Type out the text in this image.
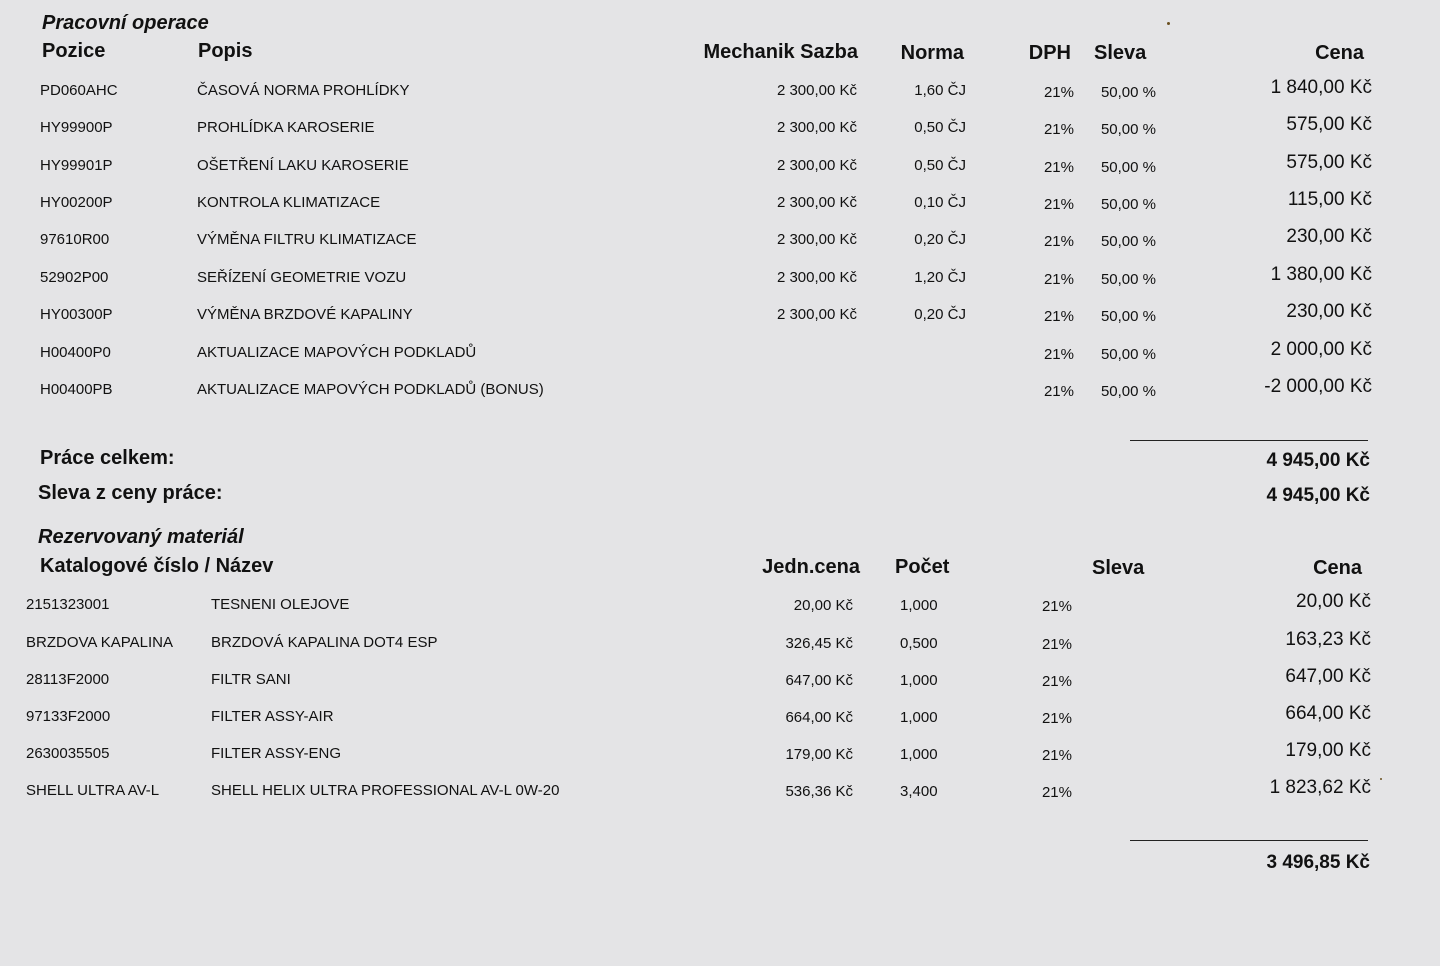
Pracovní operace
Pozice	Popis	Mechanik Sazba Norma	DPH Sleva	Cena
PD060AHC	ČASOVÁ NORMA PROHLÍDKY	2 300,00 Kč	1,60 ČJ	21% 50,00 %	1 840,00 Kč
HY99900P	PROHLÍDKA KAROSERIE	2 300,00 Kč	0,50 ČJ	21% 50,00 %	575,00 Kč
HY99901P	OŠETŘENÍ LAKU KAROSERIE	2 300,00 Kč	0,50 ČJ	21% 50,00 %	575,00 Kč
HY00200P	KONTROLA KLIMATIZACE	2 300,00 Kč	0,10 ČJ	21% 50,00 %	115,00 Kč
97610R00	VÝMĚNA FILTRU KLIMATIZACE	2 300,00 Kč	0,20 ČJ	21% 50,00 %	230,00 Kč
52902P00	SEŘÍZENÍ GEOMETRIE VOZU	2 300,00 Kč	1,20 ČJ	21% 50,00 %	1 380,00 Kč
HY00300P	VÝMĚNA BRZDOVÉ KAPALINY	2 300,00 Kč	0,20 ČJ	21% 50,00 %	230,00 Kč
H00400P0	AKTUALIZACE MAPOVÝCH PODKLADŮ	21% 50,00 %	2 000,00 Kč
H00400PB	AKTUALIZACE MAPOVÝCH PODKLADŮ (BONUS)	21% 50,00 %	-2 000,00 Kč
Práce celkem:	4 945,00 Kč
Sleva z ceny práce:	4 945,00 Kč
Rezervovaný materiál
Katalogové číslo / Název	Jedn.cena Počet	Sleva	Cena
2151323001	TESNENI OLEJOVE	20,00 Kč	1,000	21%	20,00 Kč
BRZDOVA KAPALINA	BRZDOVÁ KAPALINA DOT4 ESP	326,45 Kč	0,500	21%	163,23 Kč
28113F2000	FILTR SANI	647,00 Kč	1,000	21%	647,00 Kč
97133F2000	FILTER ASSY-AIR	664,00 Kč	1,000	21%	664,00 Kč
2630035505	FILTER ASSY-ENG	179,00 Kč	1,000	21%	179,00 Kč
SHELL ULTRA AV-L	SHELL HELIX ULTRA PROFESSIONAL AV-L 0W-20	536,36 Kč	3,400	21%	1 823,62 Kč
3 496,85 Kč
